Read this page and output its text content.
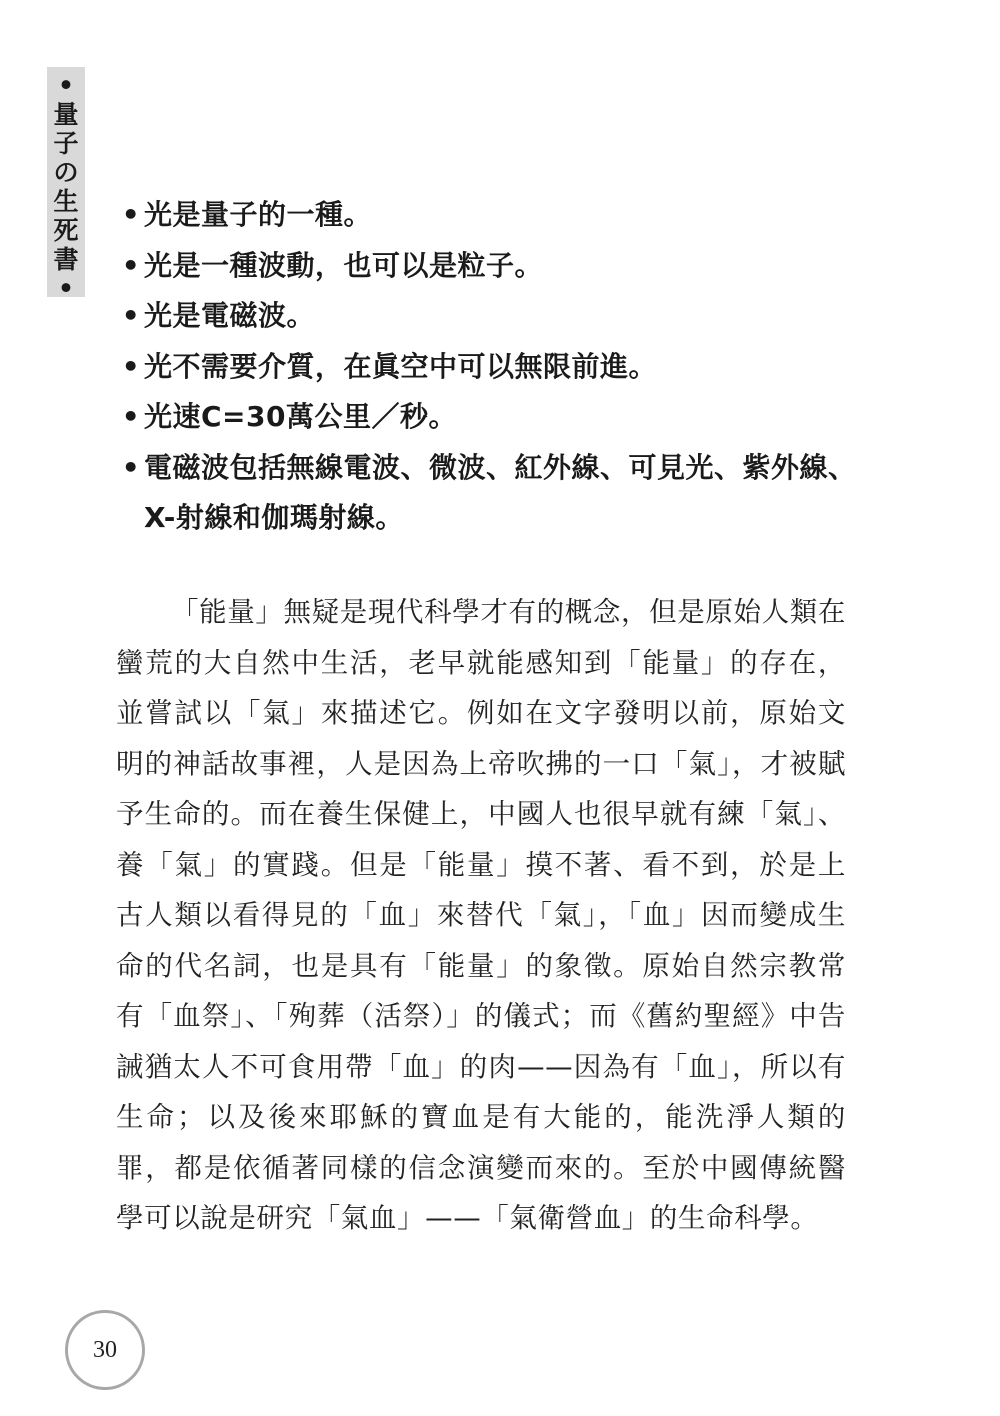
•
量
子
の
生
死
書
•
• 光是量子的一種。
• 光是一種波動，也可以是粒子。
• 光是電磁波。
• 光不需要介質，在眞空中可以無限前進。
• 光速C=30萬公里／秒。
• 電磁波包括無線電波、微波、紅外線、可見光、紫外線、X-射線和伽瑪射線。

「能量」無疑是現代科學才有的概念，但是原始人類在蠻荒的大自然中生活，老早就能感知到「能量」的存在，並嘗試以「氣」來描述它。例如在文字發明以前，原始文明的神話故事裡，人是因為上帝吹拂的一口「氣」，才被賦予生命的。而在養生保健上，中國人也很早就有練「氣」、養「氣」的實踐。但是「能量」摸不著、看不到，於是上古人類以看得見的「血」來替代「氣」，「血」因而變成生命的代名詞，也是具有「能量」的象徵。原始自然宗教常有「血祭」、「殉葬（活祭）」的儀式；而《舊約聖經》中告誡猶太人不可食用帶「血」的肉——因為有「血」，所以有生命；以及後來耶穌的寶血是有大能的，能洗淨人類的罪，都是依循著同樣的信念演變而來的。至於中國傳統醫學可以說是研究「氣血」——「氣衛營血」的生命科學。

30
